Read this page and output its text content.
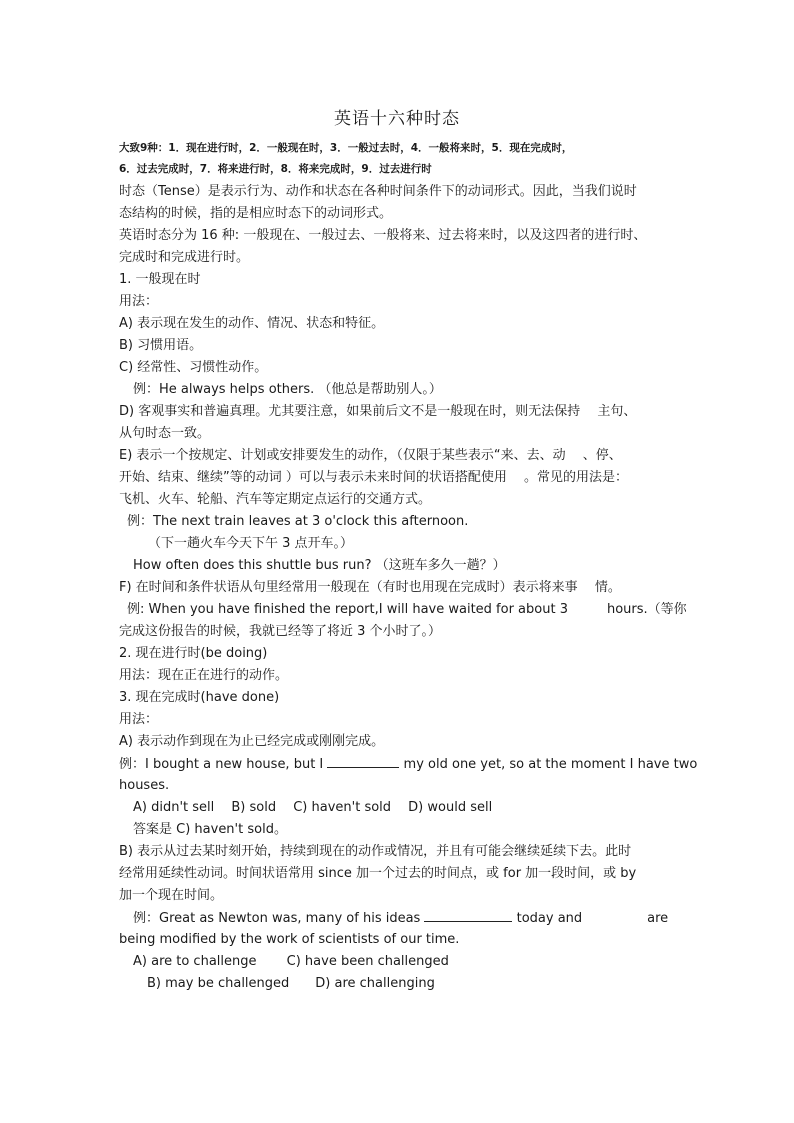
英语十六种时态
大致9种：1．现在进行时，2．一般现在时，3．一般过去时，4．一般将来时，5．现在完成时，
6．过去完成时，7．将来进行时，8．将来完成时，9．过去进行时
时态（Tense）是表示行为、动作和状态在各种时间条件下的动词形式。因此，当我们说时
态结构的时候，指的是相应时态下的动词形式。
英语时态分为 16 种: 一般现在、一般过去、一般将来、过去将来时，以及这四者的进行时、
完成时和完成进行时。
1. 一般现在时
用法：
A) 表示现在发生的动作、情况、状态和特征。
B) 习惯用语。
C) 经常性、习惯性动作。
例：He always helps others. （他总是帮助别人。）
D) 客观事实和普遍真理。尤其要注意，如果前后文不是一般现在时，则无法保持　 主句、
从句时态一致。
E) 表示一个按规定、计划或安排要发生的动作，（仅限于某些表示“来、去、动　 、停、
开始、结束、继续”等的动词 ）可以与表示未来时间的状语搭配使用　 。常见的用法是：
飞机、火车、轮船、汽车等定期定点运行的交通方式。
例：The next train leaves at 3 o'clock this afternoon.
（下一趟火车今天下午 3 点开车。）
How often does this shuttle bus run? （这班车多久一趟？）
F) 在时间和条件状语从句里经常用一般现在（有时也用现在完成时）表示将来事　 情。
例: When you have finished the report,I will have waited for about 3　　　hours.（等你
完成这份报告的时候，我就已经等了将近 3 个小时了。）
2. 现在进行时(be doing)
用法：现在正在进行的动作。
3. 现在完成时(have done)
用法：
A) 表示动作到现在为止已经完成或刚刚完成。
例：I bought a new house, but I	my old one yet, so at the moment I have two
houses.
A) didn't sell　 B) sold　 C) haven't sold　 D) would sell
答案是 C) haven't sold。
B) 表示从过去某时刻开始，持续到现在的动作或情况，并且有可能会继续延续下去。此时
经常用延续性动词。时间状语常用 since 加一个过去的时间点，或 for 加一段时间，或 by
加一个现在时间。
例：Great as Newton was, many of his ideas	today and　　　　　are
being modified by the work of scientists of our time.
A) are to challenge　　 C) have been challenged
B) may be challenged　　D) are challenging
